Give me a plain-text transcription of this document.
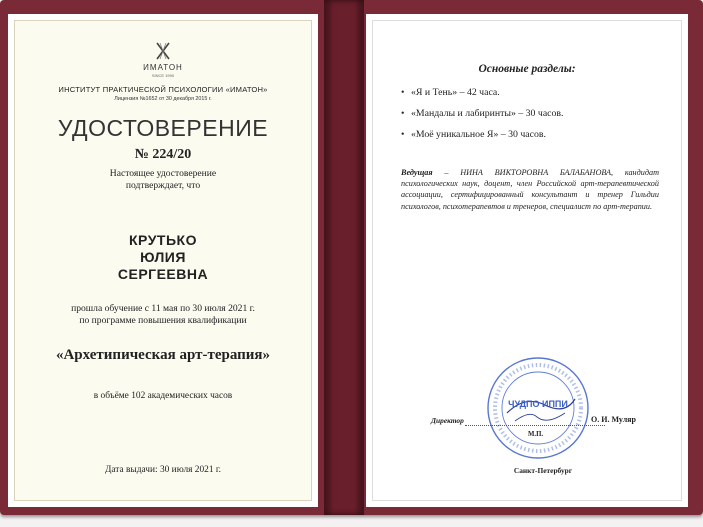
ИМАТОН
SINCE 1990
ИНСТИТУТ ПРАКТИЧЕСКОЙ ПСИХОЛОГИИ «ИМАТОН»
Лицензия №1652 от 30 декабря 2015 г.
УДОСТОВЕРЕНИЕ
№ 224/20
Настоящее удостоверение
подтверждает, что
КРУТЬКО
ЮЛИЯ
СЕРГЕЕВНА
прошла обучение с 11 мая по 30 июля 2021 г.
по программе повышения квалификации
«Архетипическая арт-терапия»
в объёме 102 академических часов
Дата выдачи: 30 июля 2021 г.
Основные разделы:
• «Я и Тень» – 42 часа.
• «Мандалы и лабиринты» – 30 часов.
• «Моё уникальное Я» – 30 часов.
Ведущая – НИНА ВИКТОРОВНА БАЛАБАНОВА, кандидат психологических наук, доцент, член Российской арт-терапевтической ассоциации, сертифицированный консультант и тренер Гильдии психологов, психотерапевтов и тренеров, специалист по арт-терапии.
ЧУДПО ИППИ
Директор	О. И. Муляр
М.П.
Санкт-Петербург
